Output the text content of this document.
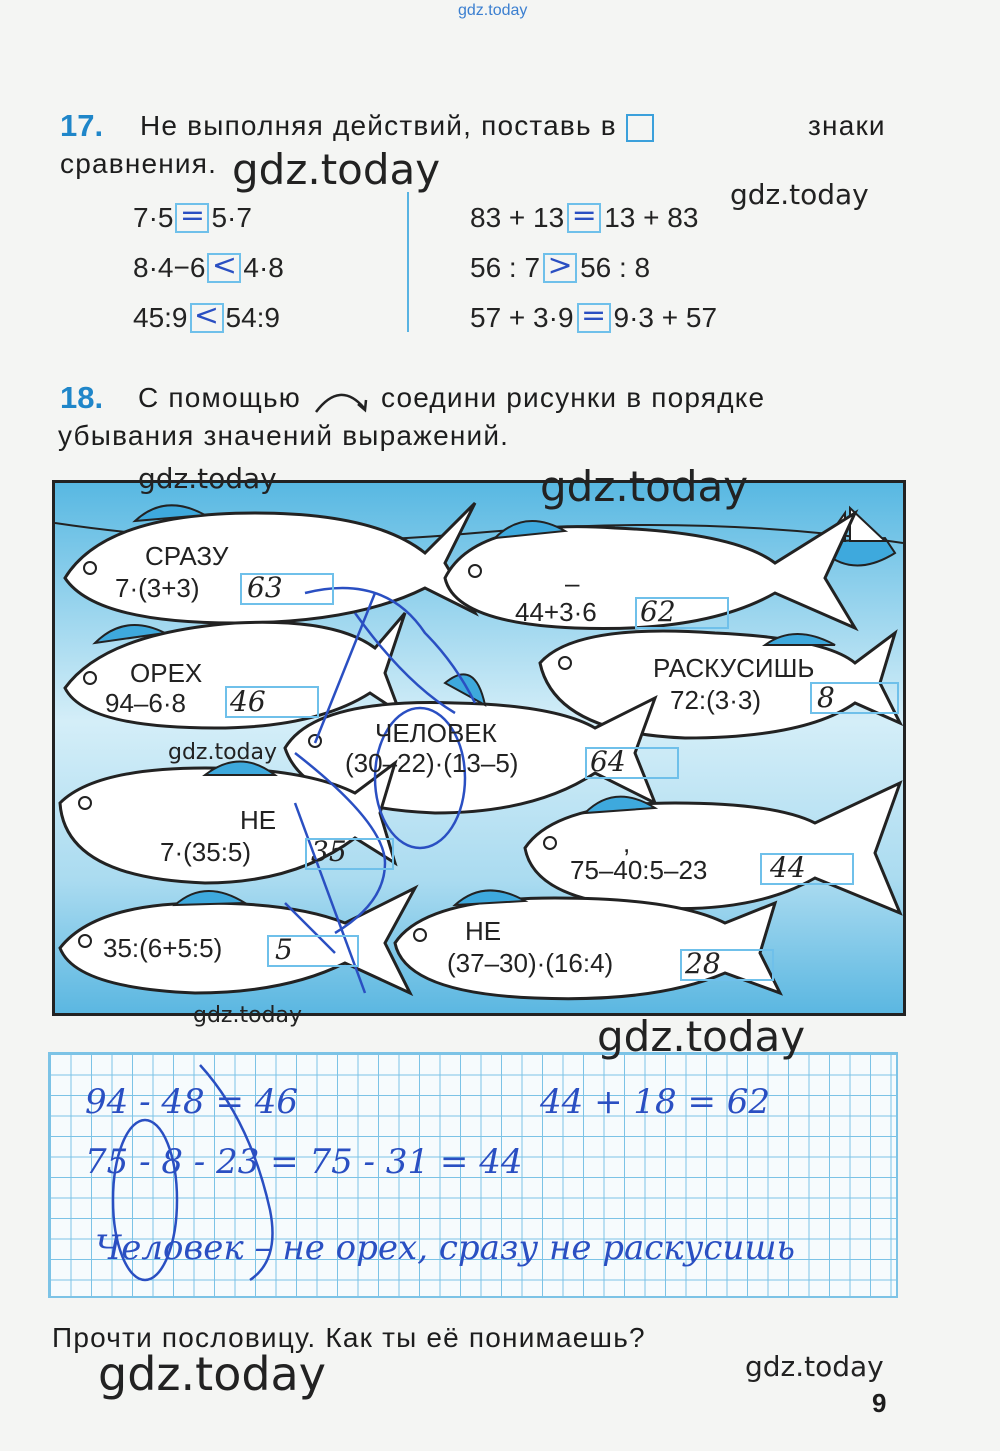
gdz.today
17. Не выполняя действий, поставь в	знаки
сравнения.
7·5 = 5·7
8·4−6 < 4·8
45:9 < 54:9
83 + 13 = 13 + 83
56 : 7 > 56 : 8
57 + 3·9 = 9·3 + 57
18. С помощью	соедини рисунки в порядке
убывания значений выражений.
СРАЗУ
7·(3+3) 63	–
44+3·6 62
ОРЕХ
94–6·8 46
РАСКУСИШЬ
72:(3·3) 8
ЧЕЛОВЕК
(30–22)·(13–5)	64
НЕ
7·(35:5) 35	,
75–40:5–23 44
35:(6+5:5) 5
НЕ
(37–30)·(16:4)	28
94 - 48 = 46	44 + 18 = 62
75 - 8 - 23 = 75 - 31 = 44
Человек – не орех, сразу не раскусишь
Прочти пословицу. Как ты её понимаешь?
9
gdz.today
gdz.today
gdz.today	gdz.today
gdz.today
gdz.today	gdz.today
gdz.today	gdz.today
